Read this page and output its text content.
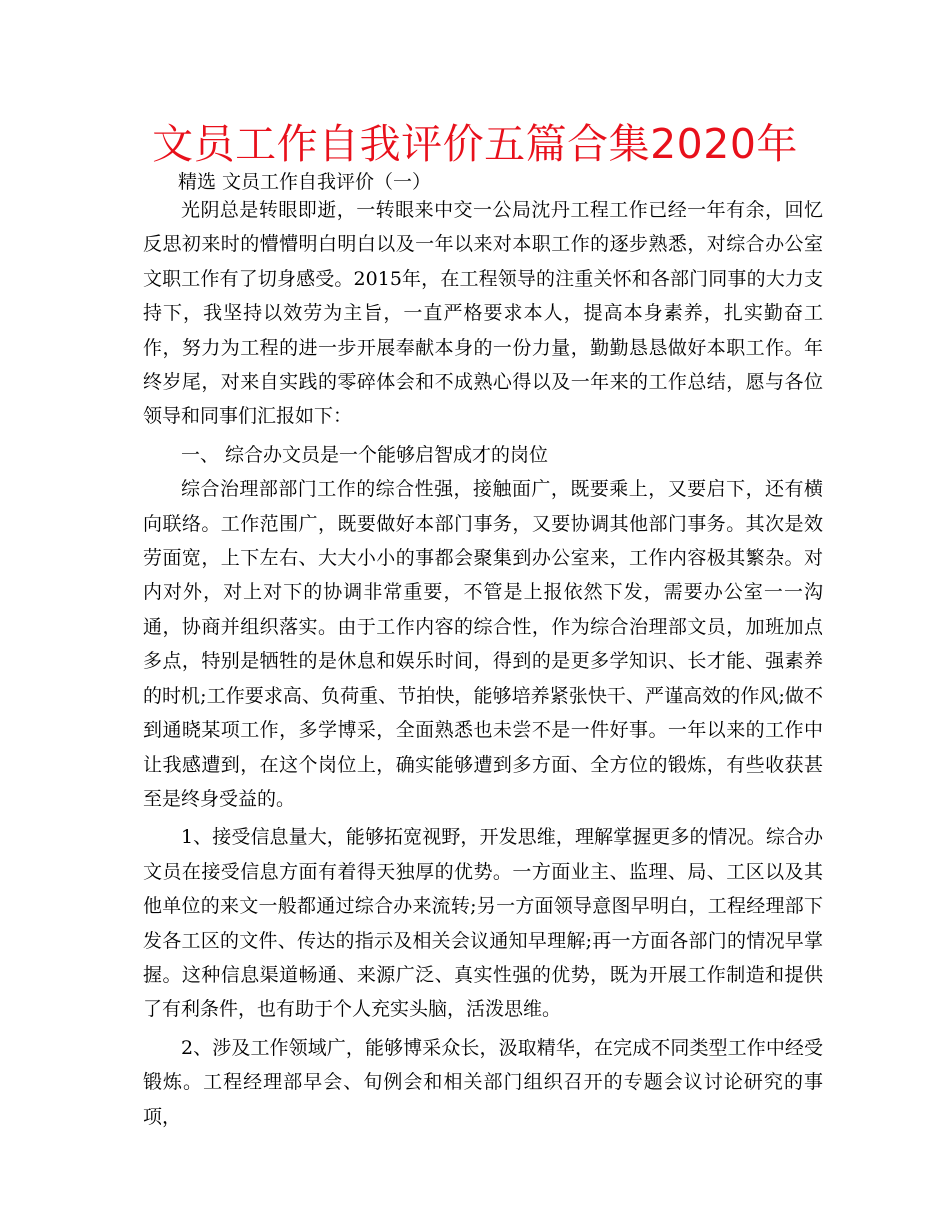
文员工作自我评价五篇合集2020年
精选 文员工作自我评价（一）

光阴总是转眼即逝，一转眼来中交一公局沈丹工程工作已经一年有余，回忆反思初来时的懵懵明白明白以及一年以来对本职工作的逐步熟悉，对综合办公室文职工作有了切身感受。2015年，在工程领导的注重关怀和各部门同事的大力支持下，我坚持以效劳为主旨，一直严格要求本人，提高本身素养，扎实勤奋工作，努力为工程的进一步开展奉献本身的一份力量，勤勤恳恳做好本职工作。年终岁尾，对来自实践的零碎体会和不成熟心得以及一年来的工作总结，愿与各位领导和同事们汇报如下：

一、 综合办文员是一个能够启智成才的岗位

综合治理部部门工作的综合性强，接触面广，既要乘上，又要启下，还有横向联络。工作范围广，既要做好本部门事务，又要协调其他部门事务。其次是效劳面宽，上下左右、大大小小的事都会聚集到办公室来，工作内容极其繁杂。对内对外，对上对下的协调非常重要，不管是上报依然下发，需要办公室一一沟通，协商并组织落实。由于工作内容的综合性，作为综合治理部文员，加班加点多点，特别是牺牲的是休息和娱乐时间，得到的是更多学知识、长才能、强素养的时机;工作要求高、负荷重、节拍快，能够培养紧张快干、严谨高效的作风;做不到通晓某项工作，多学博采，全面熟悉也未尝不是一件好事。一年以来的工作中让我感遭到，在这个岗位上，确实能够遭到多方面、全方位的锻炼，有些收获甚至是终身受益的。

1、接受信息量大，能够拓宽视野，开发思维，理解掌握更多的情况。综合办文员在接受信息方面有着得天独厚的优势。一方面业主、监理、局、工区以及其他单位的来文一般都通过综合办来流转;另一方面领导意图早明白，工程经理部下发各工区的文件、传达的指示及相关会议通知早理解;再一方面各部门的情况早掌握。这种信息渠道畅通、来源广泛、真实性强的优势，既为开展工作制造和提供了有利条件，也有助于个人充实头脑，活泼思维。

2、涉及工作领域广，能够博采众长，汲取精华，在完成不同类型工作中经受锻炼。工程经理部早会、旬例会和相关部门组织召开的专题会议讨论研究的事项，
